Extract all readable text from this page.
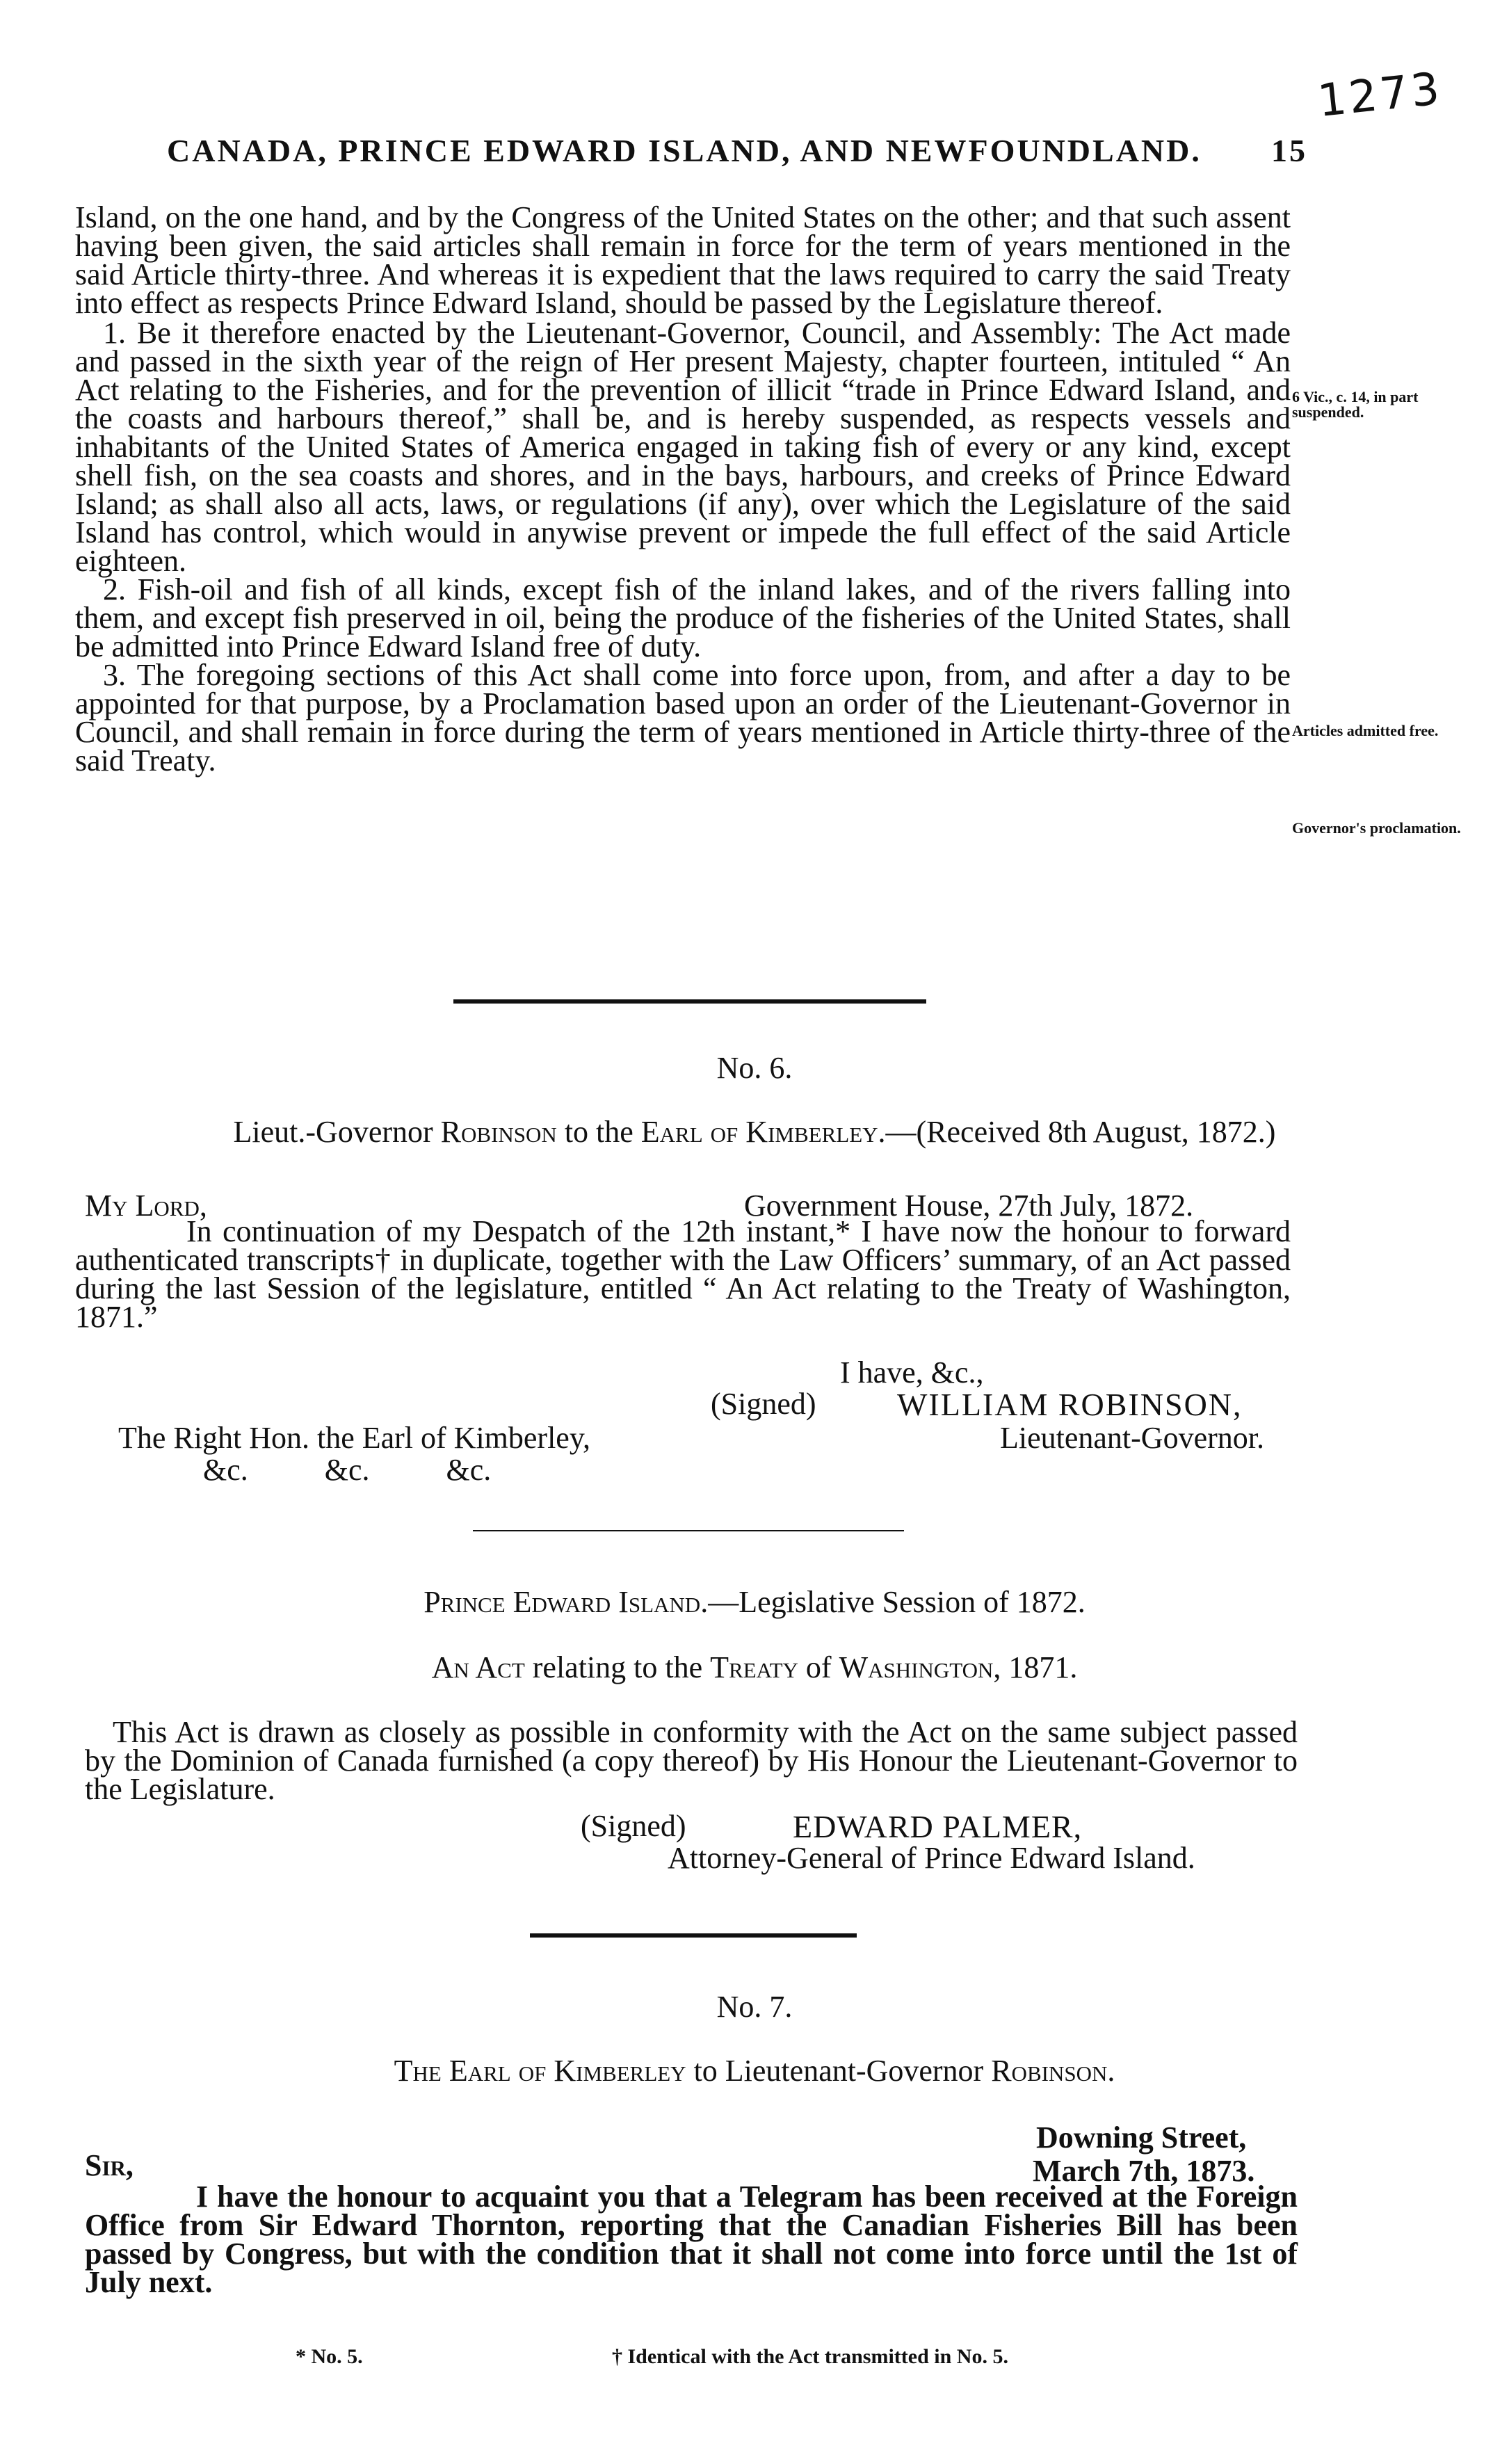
1273
CANADA, PRINCE EDWARD ISLAND, AND NEWFOUNDLAND. 15

Island, on the one hand, and by the Congress of the United States on the other; and that such assent having been given, the said articles shall remain in force for the term of years mentioned in the said Article thirty-three. And whereas it is expedient that the laws required to carry the said Treaty into effect as respects Prince Edward Island, should be passed by the Legislature thereof.

1. Be it therefore enacted by the Lieutenant-Governor, Council, and Assembly: The Act made and passed in the sixth year of the reign of Her present Majesty, chapter fourteen, intituled “ An Act relating to the Fisheries, and for the prevention of illicit “trade in Prince Edward Island, and the coasts and harbours thereof,” shall be, and is hereby suspended, as respects vessels and inhabitants of the United States of America engaged in taking fish of every or any kind, except shell fish, on the sea coasts and shores, and in the bays, harbours, and creeks of Prince Edward Island; as shall also all acts, laws, or regulations (if any), over which the Legislature of the said Island has control, which would in anywise prevent or impede the full effect of the said Article eighteen.

2. Fish-oil and fish of all kinds, except fish of the inland lakes, and of the rivers falling into them, and except fish preserved in oil, being the produce of the fisheries of the United States, shall be admitted into Prince Edward Island free of duty.

3. The foregoing sections of this Act shall come into force upon, from, and after a day to be appointed for that purpose, by a Proclamation based upon an order of the Lieutenant-Governor in Council, and shall remain in force during the term of years mentioned in Article thirty-three of the said Treaty.

6 Vic., c. 14, in part suspended.
Articles admitted free.
Governor's proclamation.
No. 6.
Lieut.-Governor Robinson to the Earl of Kimberley.—(Received 8th August, 1872.)
My Lord,	Government House, 27th July, 1872.

In continuation of my Despatch of the 12th instant,* I have now the honour to forward authenticated transcripts† in duplicate, together with the Law Officers’ summary, of an Act passed during the last Session of the legislature, entitled “ An Act relating to the Treaty of Washington, 1871.”

I have, &c.,
(Signed)	WILLIAM ROBINSON,
The Right Hon. the Earl of Kimberley,	Lieutenant-Governor.
&c.          &c.          &c.
Prince Edward Island.—Legislative Session of 1872.
An Act relating to the Treaty of Washington, 1871.

This Act is drawn as closely as possible in conformity with the Act on the same subject passed by the Dominion of Canada furnished (a copy thereof) by His Honour the Lieutenant-Governor to the Legislature.

(Signed)	EDWARD PALMER,
Attorney-General of Prince Edward Island.
No. 7.
The Earl of Kimberley to Lieutenant-Governor Robinson.
Downing Street,
March 7th, 1873.
Sir,

I have the honour to acquaint you that a Telegram has been received at the Foreign Office from Sir Edward Thornton, reporting that the Canadian Fisheries Bill has been passed by Congress, but with the condition that it shall not come into force until the 1st of July next.

* No. 5.	† Identical with the Act transmitted in No. 5.
